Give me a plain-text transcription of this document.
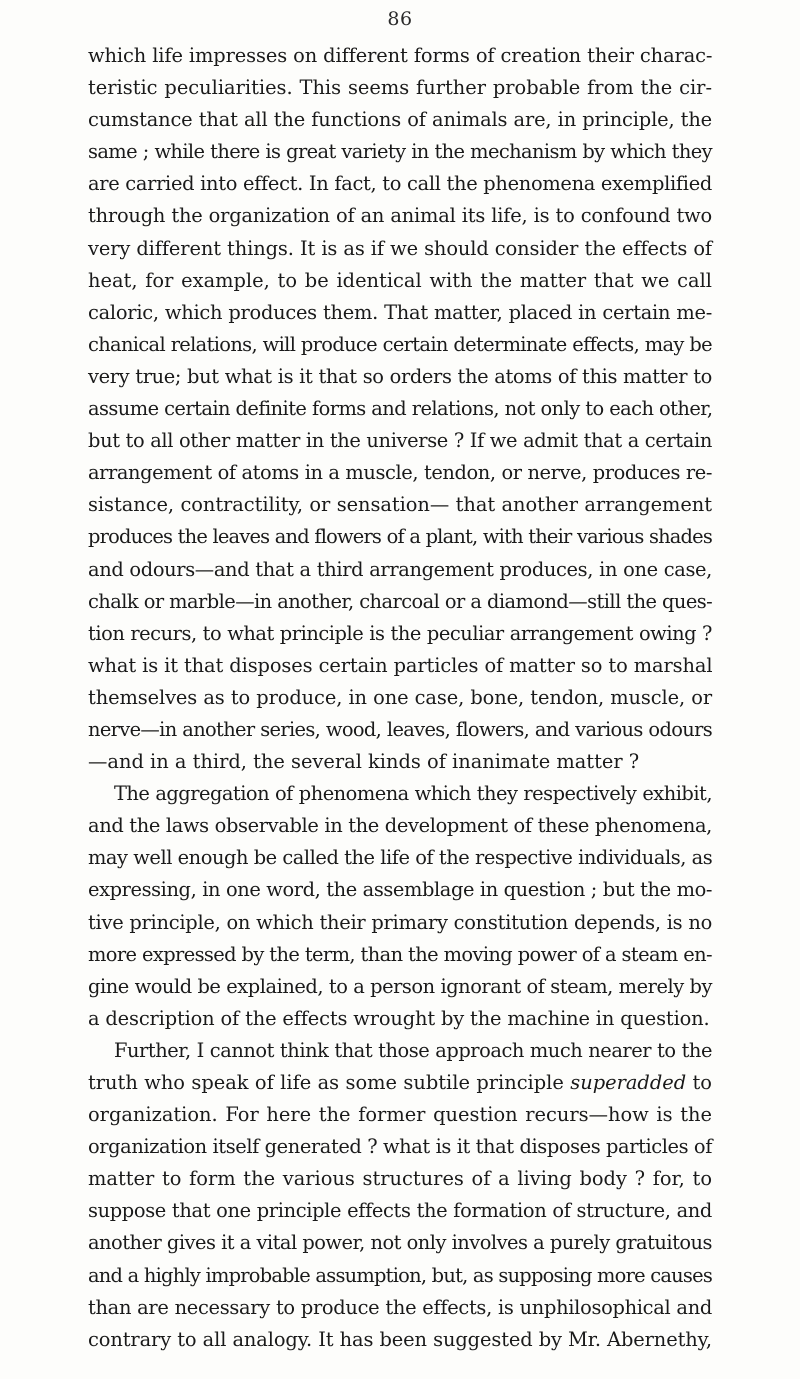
86
which life impresses on different forms of creation their charac-
teristic peculiarities. This seems further probable from the cir-
cumstance that all the functions of animals are, in principle, the
same ; while there is great variety in the mechanism by which they
are carried into effect. In fact, to call the phenomena exemplified
through the organization of an animal its life, is to confound two
very different things. It is as if we should consider the effects of
heat, for example, to be identical with the matter that we call
caloric, which produces them. That matter, placed in certain me-
chanical relations, will produce certain determinate effects, may be
very true; but what is it that so orders the atoms of this matter to
assume certain definite forms and relations, not only to each other,
but to all other matter in the universe ? If we admit that a certain
arrangement of atoms in a muscle, tendon, or nerve, produces re-
sistance, contractility, or sensation— that another arrangement
produces the leaves and flowers of a plant, with their various shades
and odours—and that a third arrangement produces, in one case,
chalk or marble—in another, charcoal or a diamond—still the ques-
tion recurs, to what principle is the peculiar arrangement owing ?
what is it that disposes certain particles of matter so to marshal
themselves as to produce, in one case, bone, tendon, muscle, or
nerve—in another series, wood, leaves, flowers, and various odours
—and in a third, the several kinds of inanimate matter ?
The aggregation of phenomena which they respectively exhibit,
and the laws observable in the development of these phenomena,
may well enough be called the life of the respective individuals, as
expressing, in one word, the assemblage in question ; but the mo-
tive principle, on which their primary constitution depends, is no
more expressed by the term, than the moving power of a steam en-
gine would be explained, to a person ignorant of steam, merely by
a description of the effects wrought by the machine in question.
Further, I cannot think that those approach much nearer to the
truth who speak of life as some subtile principle superadded to
organization. For here the former question recurs—how is the
organization itself generated ? what is it that disposes particles of
matter to form the various structures of a living body ? for, to
suppose that one principle effects the formation of structure, and
another gives it a vital power, not only involves a purely gratuitous
and a highly improbable assumption, but, as supposing more causes
than are necessary to produce the effects, is unphilosophical and
contrary to all analogy. It has been suggested by Mr. Abernethy,
